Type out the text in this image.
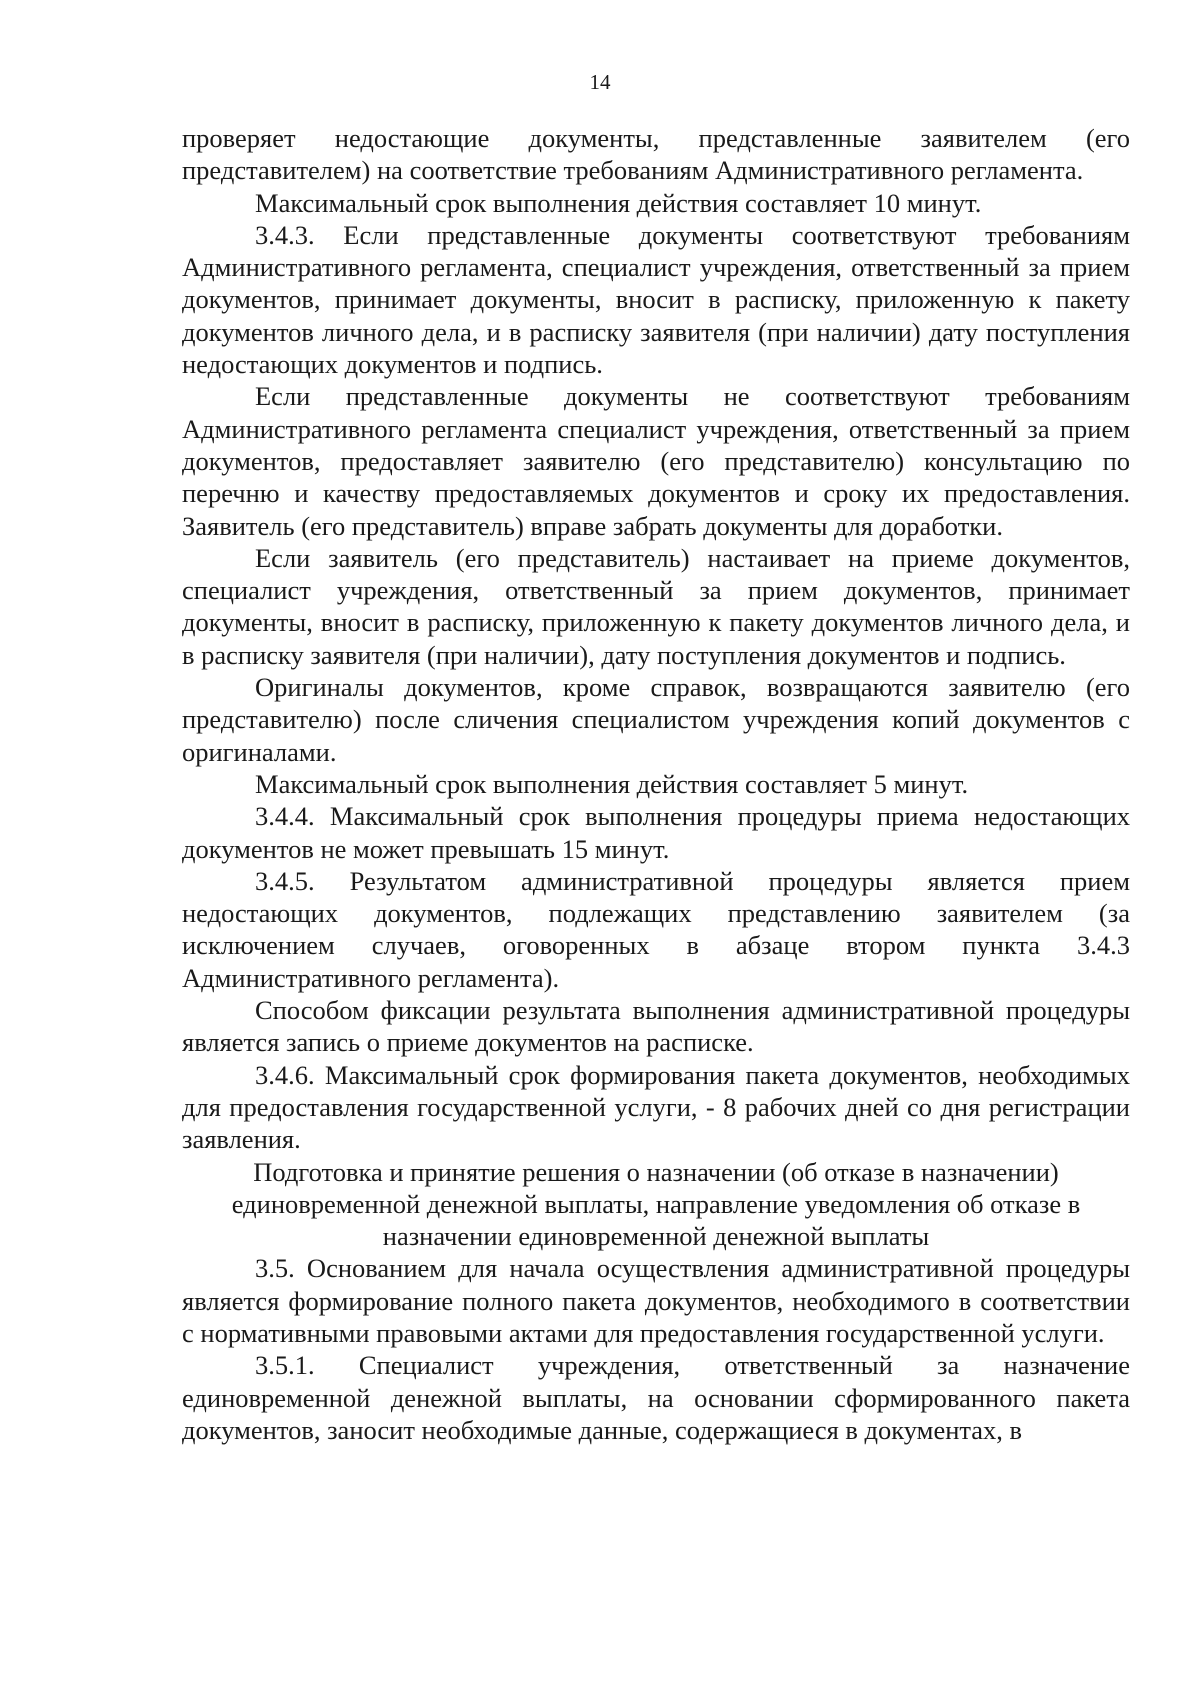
14

проверяет недостающие документы, представленные заявителем (его представителем) на соответствие требованиям Административного регламента.

Максимальный срок выполнения действия составляет 10 минут.

3.4.3. Если представленные документы соответствуют требованиям Административного регламента, специалист учреждения, ответственный за прием документов, принимает документы, вносит в расписку, приложенную к пакету документов личного дела, и в расписку заявителя (при наличии) дату поступления недостающих документов и подпись.

Если представленные документы не соответствуют требованиям Административного регламента специалист учреждения, ответственный за прием документов, предоставляет заявителю (его представителю) консультацию по перечню и качеству предоставляемых документов и сроку их предоставления. Заявитель (его представитель) вправе забрать документы для доработки.

Если заявитель (его представитель) настаивает на приеме документов, специалист учреждения, ответственный за прием документов, принимает документы, вносит в расписку, приложенную к пакету документов личного дела, и в расписку заявителя (при наличии), дату поступления документов и подпись.

Оригиналы документов, кроме справок, возвращаются заявителю (его представителю) после сличения специалистом учреждения копий документов с оригиналами.

Максимальный срок выполнения действия составляет 5 минут.

3.4.4. Максимальный срок выполнения процедуры приема недостающих документов не может превышать 15 минут.

3.4.5. Результатом административной процедуры является прием недостающих документов, подлежащих представлению заявителем (за исключением случаев, оговоренных в абзаце втором пункта 3.4.3 Административного регламента).

Способом фиксации результата выполнения административной процедуры является запись о приеме документов на расписке.

3.4.6. Максимальный срок формирования пакета документов, необходимых для предоставления государственной услуги, - 8 рабочих дней со дня регистрации заявления.

Подготовка и принятие решения о назначении (об отказе в назначении) единовременной денежной выплаты, направление уведомления об отказе в назначении единовременной денежной выплаты

3.5. Основанием для начала осуществления административной процедуры является формирование полного пакета документов, необходимого в соответствии с нормативными правовыми актами для предоставления государственной услуги.

3.5.1. Специалист учреждения, ответственный за назначение единовременной денежной выплаты, на основании сформированного пакета документов, заносит необходимые данные, содержащиеся в документах, в
